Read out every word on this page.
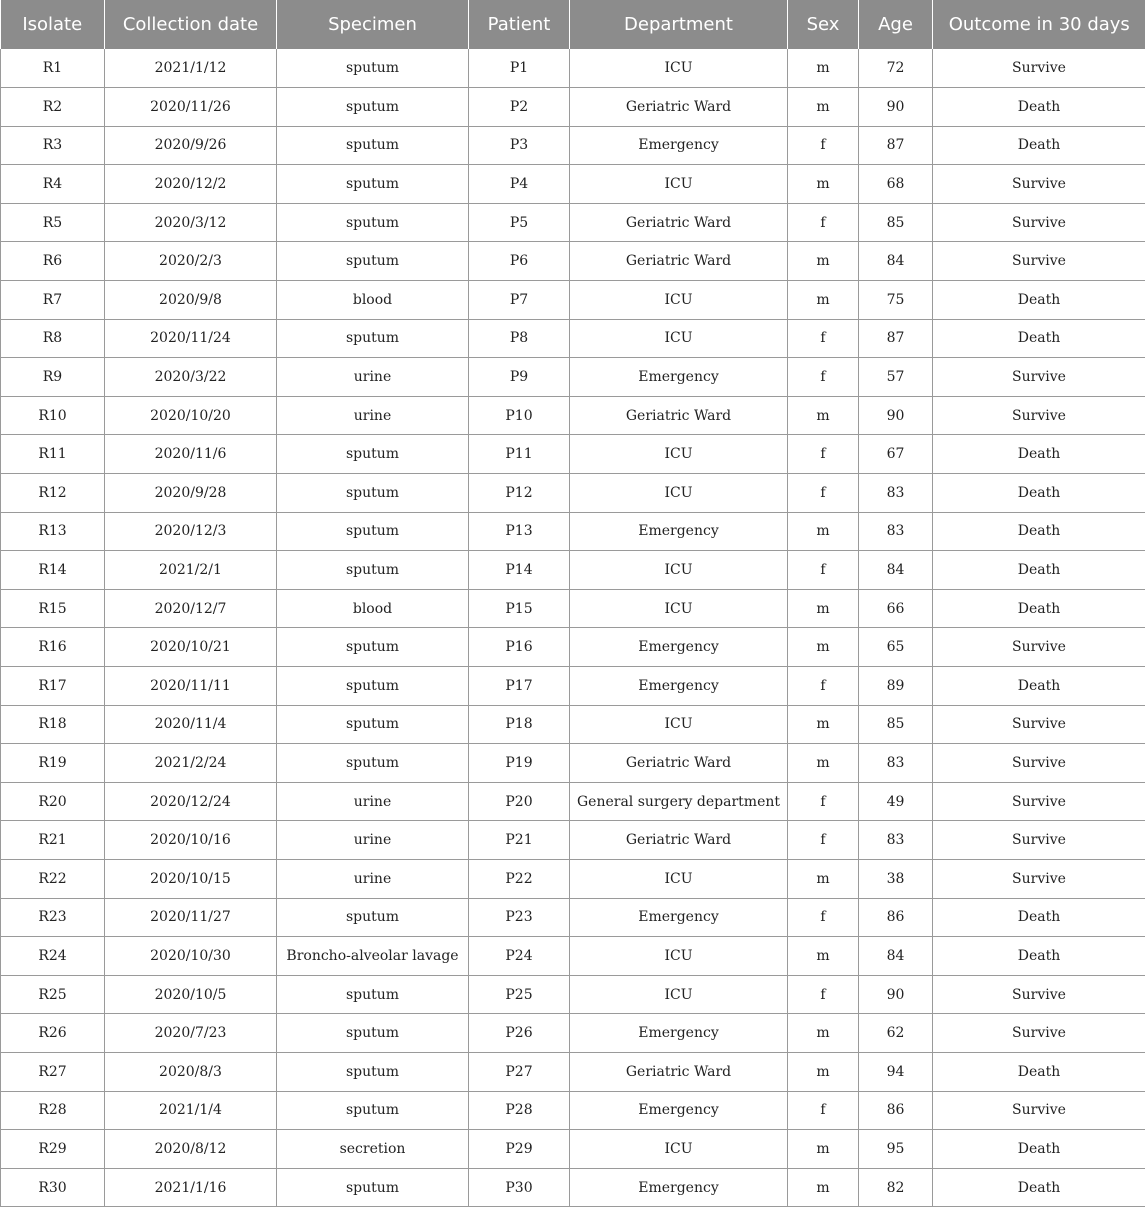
Isolate	Collection date	Specimen	Patient	Department	Sex	Age	Outcome in 30 days
R1	2021/1/12	sputum	P1	ICU	m	72	Survive
R2	2020/11/26	sputum	P2	Geriatric Ward	m	90	Death
R3	2020/9/26	sputum	P3	Emergency	f	87	Death
R4	2020/12/2	sputum	P4	ICU	m	68	Survive
R5	2020/3/12	sputum	P5	Geriatric Ward	f	85	Survive
R6	2020/2/3	sputum	P6	Geriatric Ward	m	84	Survive
R7	2020/9/8	blood	P7	ICU	m	75	Death
R8	2020/11/24	sputum	P8	ICU	f	87	Death
R9	2020/3/22	urine	P9	Emergency	f	57	Survive
R10	2020/10/20	urine	P10	Geriatric Ward	m	90	Survive
R11	2020/11/6	sputum	P11	ICU	f	67	Death
R12	2020/9/28	sputum	P12	ICU	f	83	Death
R13	2020/12/3	sputum	P13	Emergency	m	83	Death
R14	2021/2/1	sputum	P14	ICU	f	84	Death
R15	2020/12/7	blood	P15	ICU	m	66	Death
R16	2020/10/21	sputum	P16	Emergency	m	65	Survive
R17	2020/11/11	sputum	P17	Emergency	f	89	Death
R18	2020/11/4	sputum	P18	ICU	m	85	Survive
R19	2021/2/24	sputum	P19	Geriatric Ward	m	83	Survive
R20	2020/12/24	urine	P20	General surgery department	f	49	Survive
R21	2020/10/16	urine	P21	Geriatric Ward	f	83	Survive
R22	2020/10/15	urine	P22	ICU	m	38	Survive
R23	2020/11/27	sputum	P23	Emergency	f	86	Death
R24	2020/10/30	Broncho-alveolar lavage	P24	ICU	m	84	Death
R25	2020/10/5	sputum	P25	ICU	f	90	Survive
R26	2020/7/23	sputum	P26	Emergency	m	62	Survive
R27	2020/8/3	sputum	P27	Geriatric Ward	m	94	Death
R28	2021/1/4	sputum	P28	Emergency	f	86	Survive
R29	2020/8/12	secretion	P29	ICU	m	95	Death
R30	2021/1/16	sputum	P30	Emergency	m	82	Death
